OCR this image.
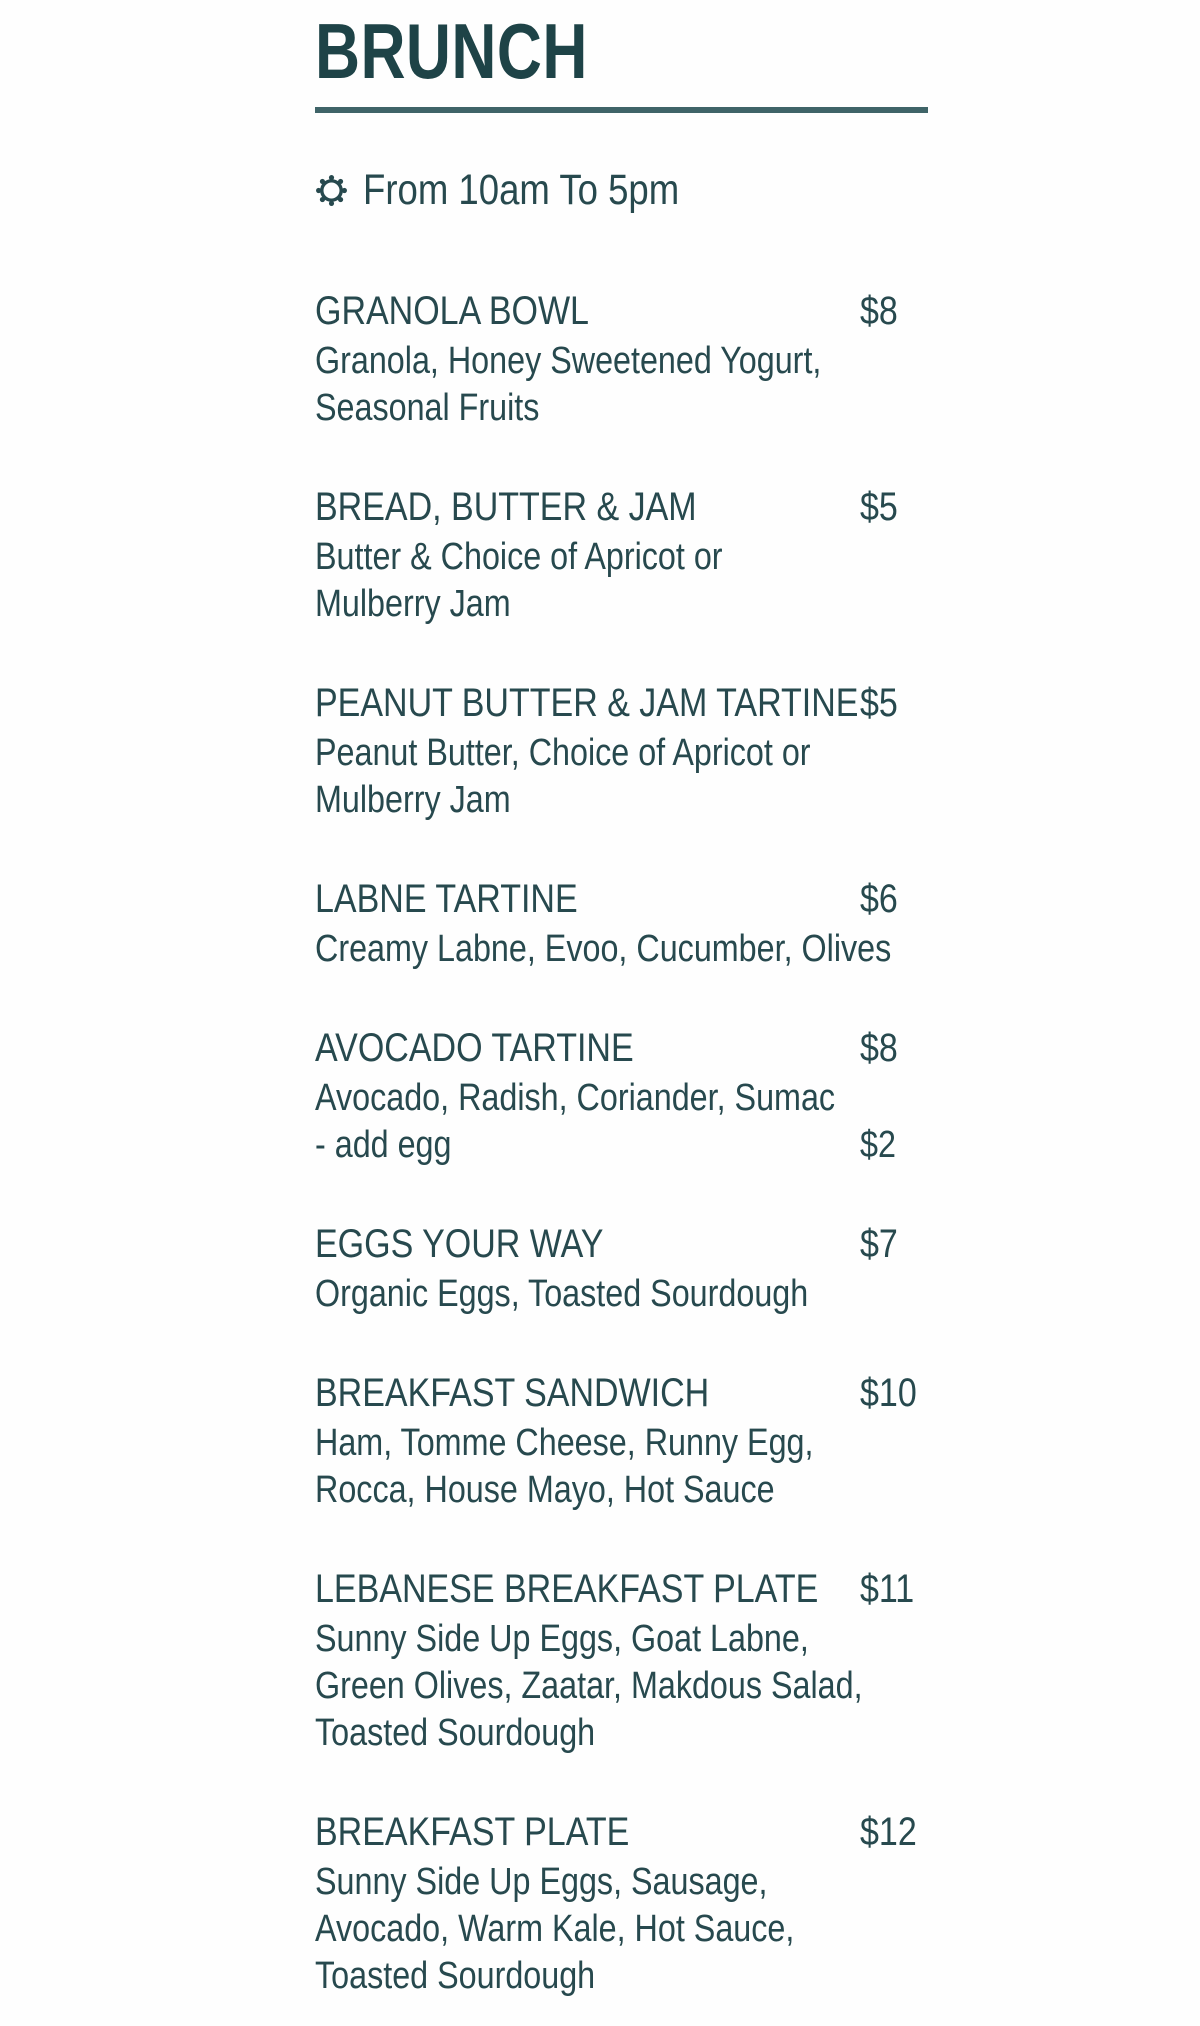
BRUNCH
From 10am To 5pm
GRANOLA BOWL	$8
Granola, Honey Sweetened Yogurt,
Seasonal Fruits
BREAD, BUTTER & JAM	$5
Butter & Choice of Apricot or
Mulberry Jam
PEANUT BUTTER & JAM TARTINE $5
Peanut Butter, Choice of Apricot or
Mulberry Jam
LABNE TARTINE	$6
Creamy Labne, Evoo, Cucumber, Olives
AVOCADO TARTINE	$8
Avocado, Radish, Coriander, Sumac
- add egg	$2
EGGS YOUR WAY	$7
Organic Eggs, Toasted Sourdough
BREAKFAST SANDWICH	$10
Ham, Tomme Cheese, Runny Egg,
Rocca, House Mayo, Hot Sauce
LEBANESE BREAKFAST PLATE $11
Sunny Side Up Eggs, Goat Labne,
Green Olives, Zaatar, Makdous Salad,
Toasted Sourdough
BREAKFAST PLATE	$12
Sunny Side Up Eggs, Sausage,
Avocado, Warm Kale, Hot Sauce,
Toasted Sourdough
